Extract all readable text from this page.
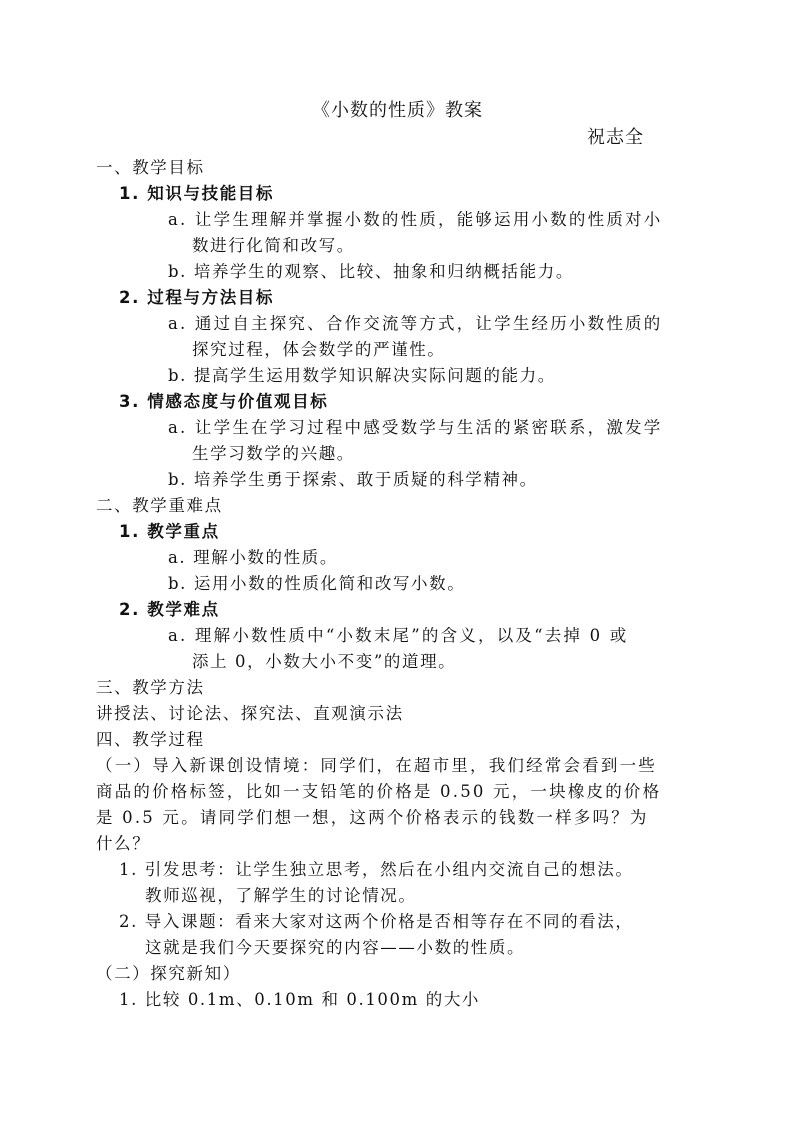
《小数的性质》教案
祝志全
一、教学目标
1. 知识与技能目标
a. 让学生理解并掌握小数的性质，能够运用小数的性质对小
数进行化简和改写。
b. 培养学生的观察、比较、抽象和归纳概括能力。
2. 过程与方法目标
a. 通过自主探究、合作交流等方式，让学生经历小数性质的
探究过程，体会数学的严谨性。
b. 提高学生运用数学知识解决实际问题的能力。
3. 情感态度与价值观目标
a. 让学生在学习过程中感受数学与生活的紧密联系，激发学
生学习数学的兴趣。
b. 培养学生勇于探索、敢于质疑的科学精神。
二、教学重难点
1. 教学重点
a. 理解小数的性质。
b. 运用小数的性质化简和改写小数。
2. 教学难点
a. 理解小数性质中“小数末尾”的含义，以及“去掉 0 或
添上 0，小数大小不变”的道理。
三、教学方法
讲授法、讨论法、探究法、直观演示法
四、教学过程
（一）导入新课创设情境：同学们，在超市里，我们经常会看到一些
商品的价格标签，比如一支铅笔的价格是 0.50 元，一块橡皮的价格
是 0.5 元。请同学们想一想，这两个价格表示的钱数一样多吗？为
什么？
1. 引发思考：让学生独立思考，然后在小组内交流自己的想法。
教师巡视，了解学生的讨论情况。
2. 导入课题：看来大家对这两个价格是否相等存在不同的看法，
这就是我们今天要探究的内容——小数的性质。
（二）探究新知）
1. 比较 0.1m、0.10m 和 0.100m 的大小
